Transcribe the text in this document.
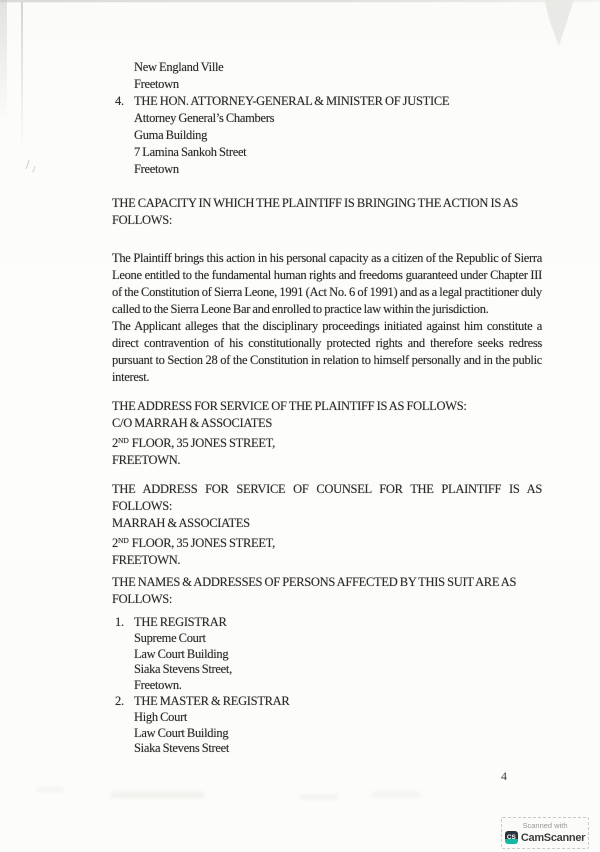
New England Ville
Freetown
4. THE HON. ATTORNEY-GENERAL & MINISTER OF JUSTICE
Attorney General’s Chambers
Guma Building
7 Lamina Sankoh Street
Freetown
THE CAPACITY IN WHICH THE PLAINTIFF IS BRINGING THE ACTION IS AS
FOLLOWS:

The Plaintiff brings this action in his personal capacity as a citizen of the Republic of Sierra Leone entitled to the fundamental human rights and freedoms guaranteed under Chapter III of the Constitution of Sierra Leone, 1991 (Act No. 6 of 1991) and as a legal practitioner duly called to the Sierra Leone Bar and enrolled to practice law within the jurisdiction.

The Applicant alleges that the disciplinary proceedings initiated against him constitute a direct contravention of his constitutionally protected rights and therefore seeks redress pursuant to Section 28 of the Constitution in relation to himself personally and in the public interest.

THE ADDRESS FOR SERVICE OF THE PLAINTIFF IS AS FOLLOWS:
C/O MARRAH & ASSOCIATES
2ND FLOOR, 35 JONES STREET,
FREETOWN.
THE ADDRESS FOR SERVICE OF COUNSEL FOR THE PLAINTIFF IS AS
FOLLOWS:
MARRAH & ASSOCIATES
2ND FLOOR, 35 JONES STREET,
FREETOWN.
THE NAMES & ADDRESSES OF PERSONS AFFECTED BY THIS SUIT ARE AS
FOLLOWS:
1. THE REGISTRAR
Supreme Court
Law Court Building
Siaka Stevens Street,
Freetown.
2. THE MASTER & REGISTRAR
High Court
Law Court Building
Siaka Stevens Street
4
Scanned with
CS CamScanner
